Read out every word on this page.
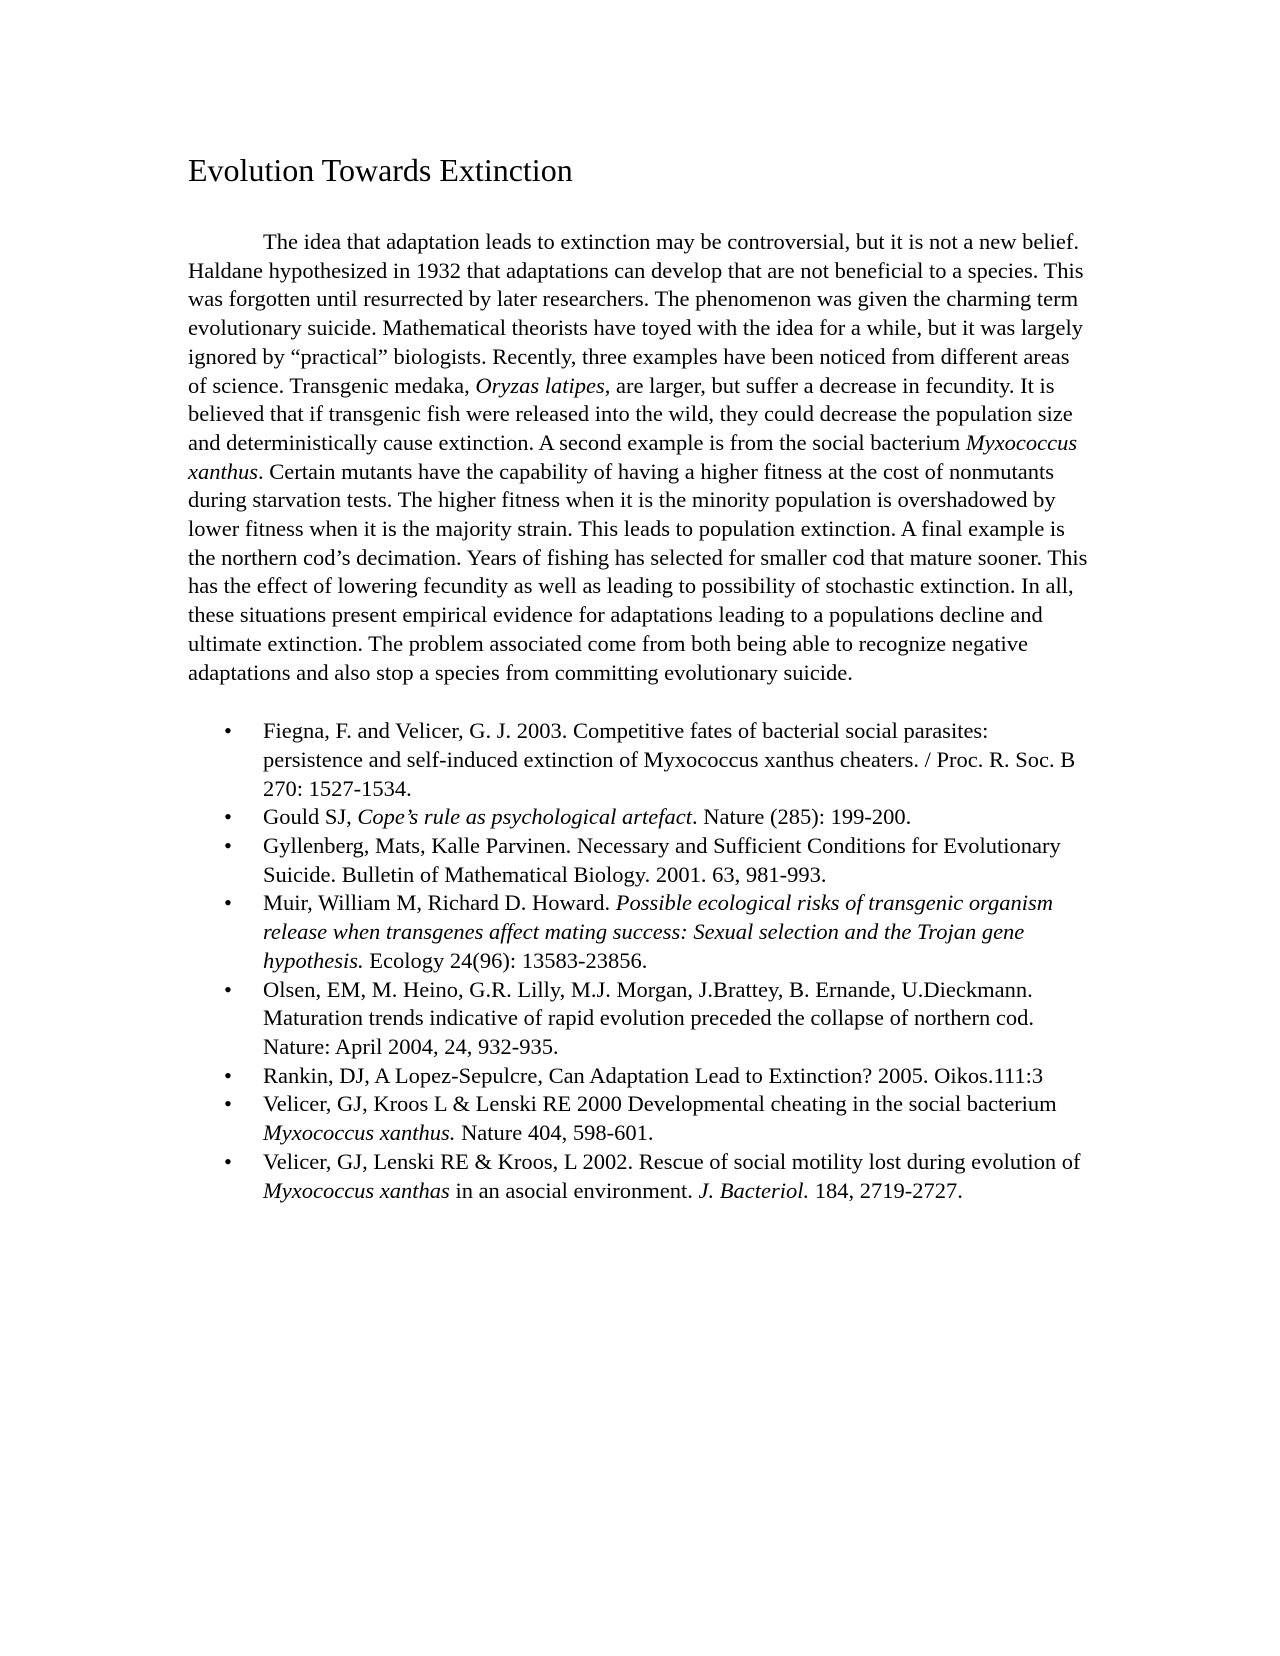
Evolution Towards Extinction

The idea that adaptation leads to extinction may be controversial, but it is not a new belief. Haldane hypothesized in 1932 that adaptations can develop that are not beneficial to a species. This was forgotten until resurrected by later researchers. The phenomenon was given the charming term evolutionary suicide. Mathematical theorists have toyed with the idea for a while, but it was largely ignored by “practical” biologists. Recently, three examples have been noticed from different areas of science. Transgenic medaka, Oryzas latipes, are larger, but suffer a decrease in fecundity. It is believed that if transgenic fish were released into the wild, they could decrease the population size and deterministically cause extinction. A second example is from the social bacterium Myxococcus xanthus. Certain mutants have the capability of having a higher fitness at the cost of nonmutants during starvation tests. The higher fitness when it is the minority population is overshadowed by lower fitness when it is the majority strain. This leads to population extinction. A final example is the northern cod’s decimation. Years of fishing has selected for smaller cod that mature sooner. This has the effect of lowering fecundity as well as leading to possibility of stochastic extinction. In all, these situations present empirical evidence for adaptations leading to a populations decline and ultimate extinction. The problem associated come from both being able to recognize negative adaptations and also stop a species from committing evolutionary suicide.

• Fiegna, F. and Velicer, G. J. 2003. Competitive fates of bacterial social parasites: persistence and self-induced extinction of Myxococcus xanthus cheaters. / Proc. R. Soc. B 270: 1527-1534.
• Gould SJ, Cope’s rule as psychological artefact. Nature (285): 199-200.
• Gyllenberg, Mats, Kalle Parvinen. Necessary and Sufficient Conditions for Evolutionary Suicide. Bulletin of Mathematical Biology. 2001. 63, 981-993.
• Muir, William M, Richard D. Howard. Possible ecological risks of transgenic organism release when transgenes affect mating success: Sexual selection and the Trojan gene hypothesis. Ecology 24(96): 13583-23856.
• Olsen, EM, M. Heino, G.R. Lilly, M.J. Morgan, J.Brattey, B. Ernande, U.Dieckmann. Maturation trends indicative of rapid evolution preceded the collapse of northern cod. Nature: April 2004, 24, 932-935.
• Rankin, DJ, A Lopez-Sepulcre, Can Adaptation Lead to Extinction? 2005. Oikos.111:3
• Velicer, GJ, Kroos L & Lenski RE 2000 Developmental cheating in the social bacterium Myxococcus xanthus. Nature 404, 598-601.
• Velicer, GJ, Lenski RE & Kroos, L 2002. Rescue of social motility lost during evolution of Myxococcus xanthas in an asocial environment. J. Bacteriol. 184, 2719-2727.
